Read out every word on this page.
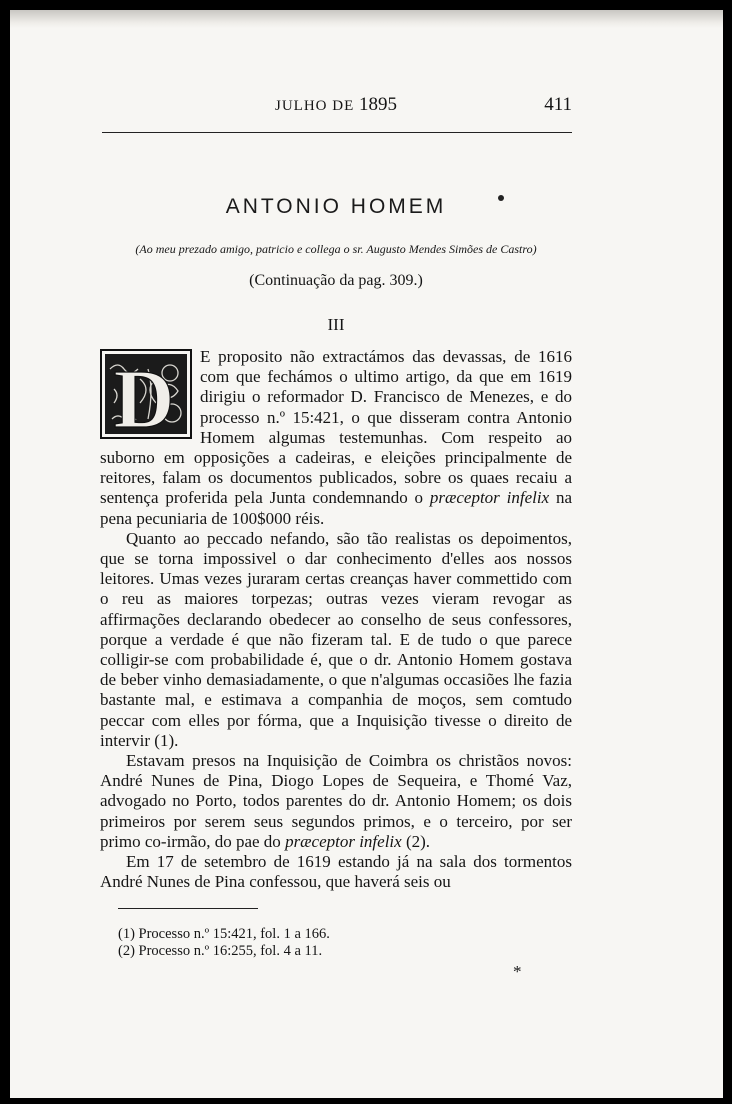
JULHO DE 1895	411
ANTONIO HOMEM
(Ao meu prezado amigo, patricio e collega o sr. Augusto Mendes Simões de Castro)
(Continuação da pag. 309.)
III
D	E proposito não extractámos das devassas, de 1616 com que fechámos o ultimo artigo, da que em 1619 dirigiu o reformador D. Francisco de Menezes, e do processo n.º 15:421, o que disseram contra Antonio Homem algumas testemunhas. Com respeito ao suborno em opposições a cadeiras, e eleições principalmente de reitores, falam os documentos publicados, sobre os quaes recaiu a sentença proferida pela Junta condemnando o præceptor infelix na pena pecuniaria de 100$000 réis.

Quanto ao peccado nefando, são tão realistas os depoimentos, que se torna impossivel o dar conhecimento d'elles aos nossos leitores. Umas vezes juraram certas creanças haver commettido com o reu as maiores torpezas; outras vezes vieram revogar as affirmações declarando obedecer ao conselho de seus confessores, porque a verdade é que não fizeram tal. E de tudo o que parece colligir-se com probabilidade é, que o dr. Antonio Homem gostava de beber vinho demasiadamente, o que n'algumas occasiões lhe fazia bastante mal, e estimava a companhia de moços, sem comtudo peccar com elles por fórma, que a Inquisição tivesse o direito de intervir (1).

Estavam presos na Inquisição de Coimbra os christãos novos: André Nunes de Pina, Diogo Lopes de Sequeira, e Thomé Vaz, advogado no Porto, todos parentes do dr. Antonio Homem; os dois primeiros por serem seus segundos primos, e o terceiro, por ser primo co-irmão, do pae do præceptor infelix (2).

Em 17 de setembro de 1619 estando já na sala dos tormentos André Nunes de Pina confessou, que haverá seis ou

(1) Processo n.º 15:421, fol. 1 a 166.
(2) Processo n.º 16:255, fol. 4 a 11.
*
